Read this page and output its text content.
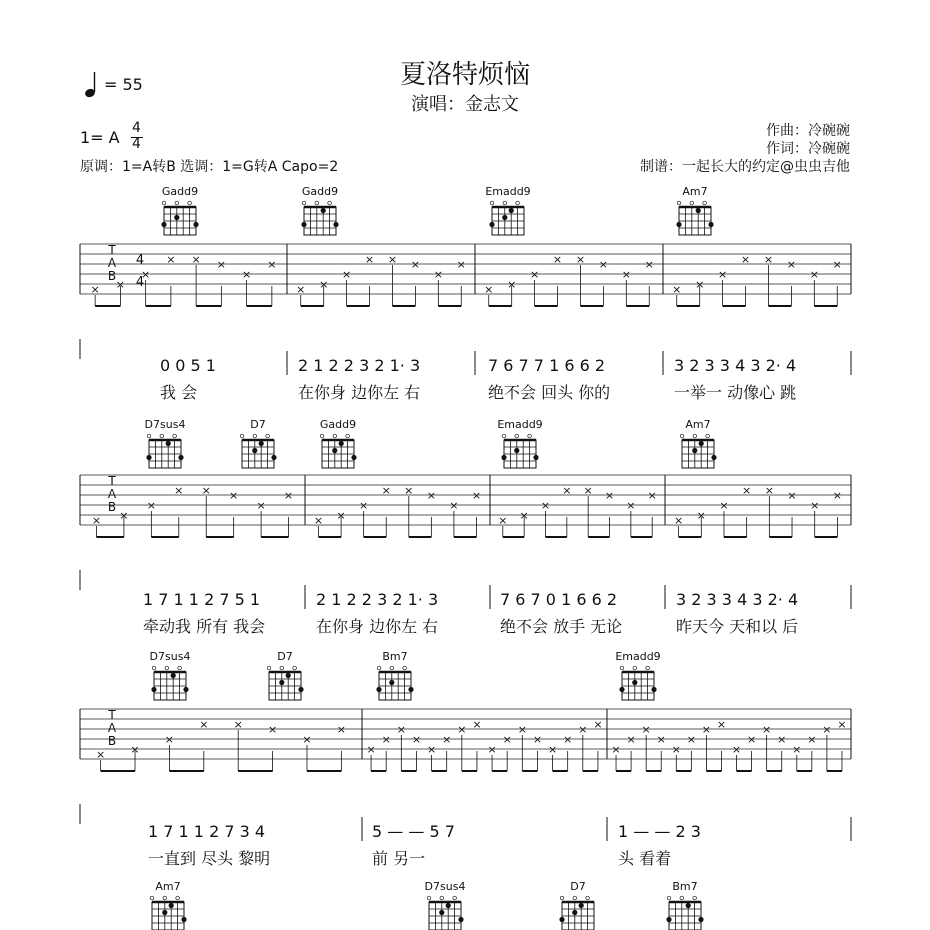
夏洛特烦恼
演唱：金志文
= 55
1= A 4
4
原调：1=A转B 选调：1=G转A Capo=2
作曲：冷碗碗
作词：冷碗碗
制谱：一起长大的约定@虫虫吉他
Gadd9	Gadd9	Emadd9	Am7
T
A
B
4
4
× ×
×
× × ×
×
×
× ×
×
× × ×
×
×
× ×
×
× × ×
×
×
× ×
×
× × ×
×
×
0 0 5 1	2 1 2 2 3 2 1· 3	7 6 7 7 1 6 6 2	3 2 3 3 4 3 2· 4
我 会	在你身 边你左 右	绝不会 回头 你的	一举一 动像心 跳
D7sus4	D7	Gadd9	Emadd9	Am7
T
A
B
× ×
×
× × ×
×
×
× ×
×
× × ×
×
×
× ×
×
× × ×
×
×
× ×
×
× × ×
×
×
1 7 1 1 2 7 5 1	2 1 2 2 3 2 1· 3	7 6 7 0 1 6 6 2	3 2 3 3 4 3 2· 4
牵动我 所有 我会	在你身 边你左 右	绝不会 放手 无论	昨天今 天和以 后
D7sus4	D7	Bm7	Emadd9
T
A
B
× ×
×
× × ×
×
×
×
×
×
×
×
×
× ×
×
×
×
×
×
×
× ×
×
×
×
×
×
×
× ×
×
×
×
×
×
×
× ×
1 7 1 1 2 7 3 4	5 — — 5 7	1 — — 2 3
一直到 尽头 黎明	前 另一	头 看着
Am7	D7sus4	D7	Bm7
